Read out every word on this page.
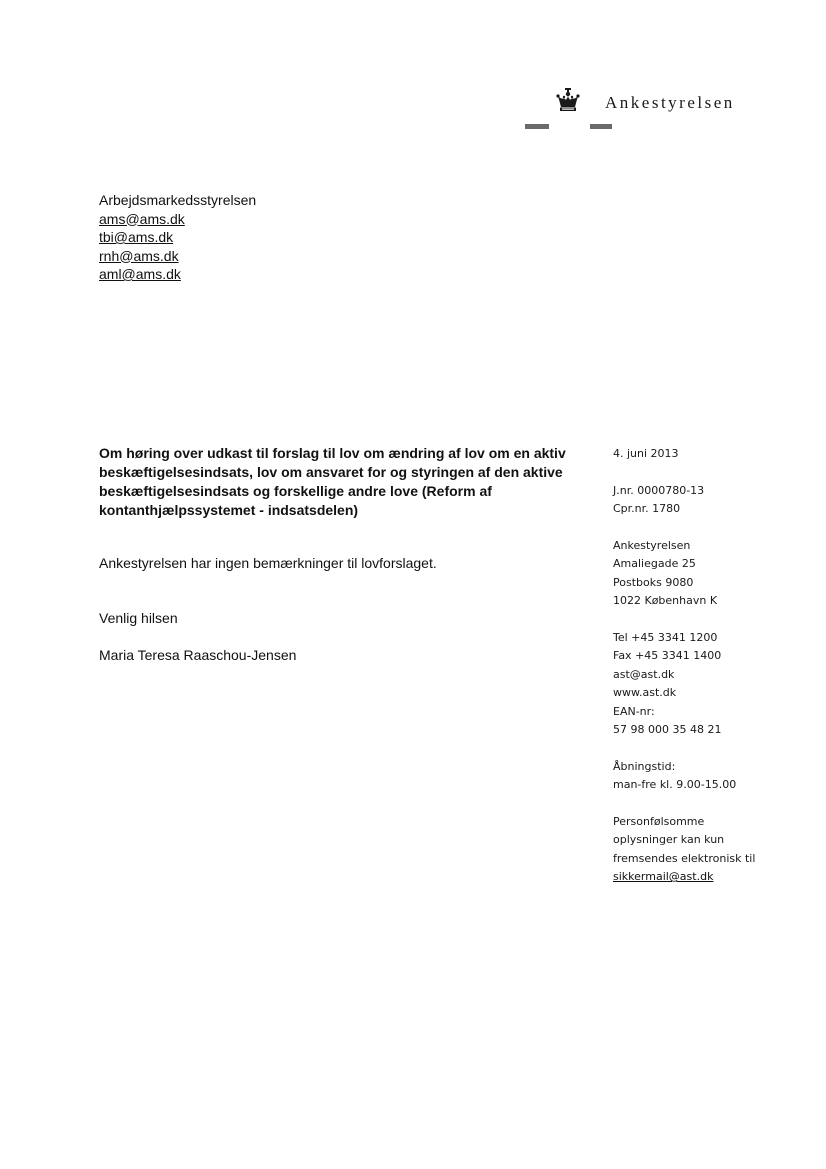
Ankestyrelsen
Arbejdsmarkedsstyrelsen
ams@ams.dk
tbi@ams.dk
rnh@ams.dk
aml@ams.dk
Om høring over udkast til forslag til lov om ændring af lov om en aktiv beskæftigelsesindsats, lov om ansvaret for og styringen af den aktive beskæftigelsesindsats og forskellige andre love (Reform af kontanthjælpssystemet - indsatsdelen)
Ankestyrelsen har ingen bemærkninger til lovforslaget.
Venlig hilsen
Maria Teresa Raaschou-Jensen
4. juni 2013
J.nr. 0000780-13
Cpr.nr. 1780
Ankestyrelsen
Amaliegade 25
Postboks 9080
1022 København K
Tel +45 3341 1200
Fax +45 3341 1400
ast@ast.dk
www.ast.dk
EAN-nr:
57 98 000 35 48 21
Åbningstid:
man-fre kl. 9.00-15.00
Personfølsomme
oplysninger kan kun
fremsendes elektronisk til
sikkermail@ast.dk
